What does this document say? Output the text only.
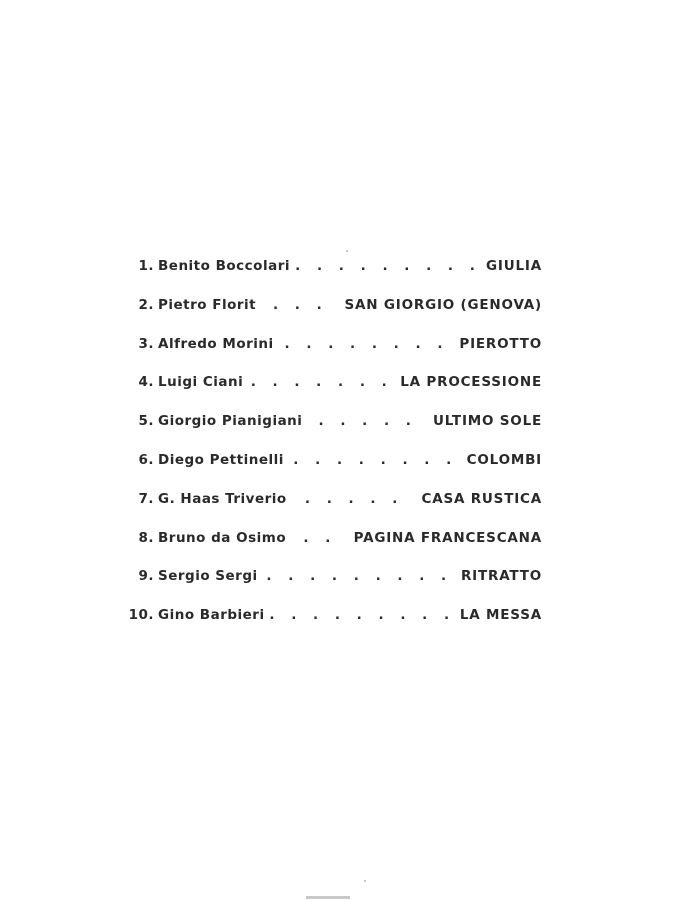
1. Benito Boccolari . . . . . . . . . GIULIA
2. Pietro Florit	. . .	SAN GIORGIO (GENOVA)
3. Alfredo Morini . . . . . . . . PIEROTTO
4. Luigi Ciani . . . . . . . LA PROCESSIONE
5. Giorgio Pianigiani	. . . . .	ULTIMO SOLE
6. Diego Pettinelli . . . . . . . . COLOMBI
7. G. Haas Triverio	. . . . .	CASA RUSTICA
8. Bruno da Osimo	. .	PAGINA FRANCESCANA
9. Sergio Sergi . . . . . . . . . RITRATTO
10. Gino Barbieri . . . . . . . . . LA MESSA
